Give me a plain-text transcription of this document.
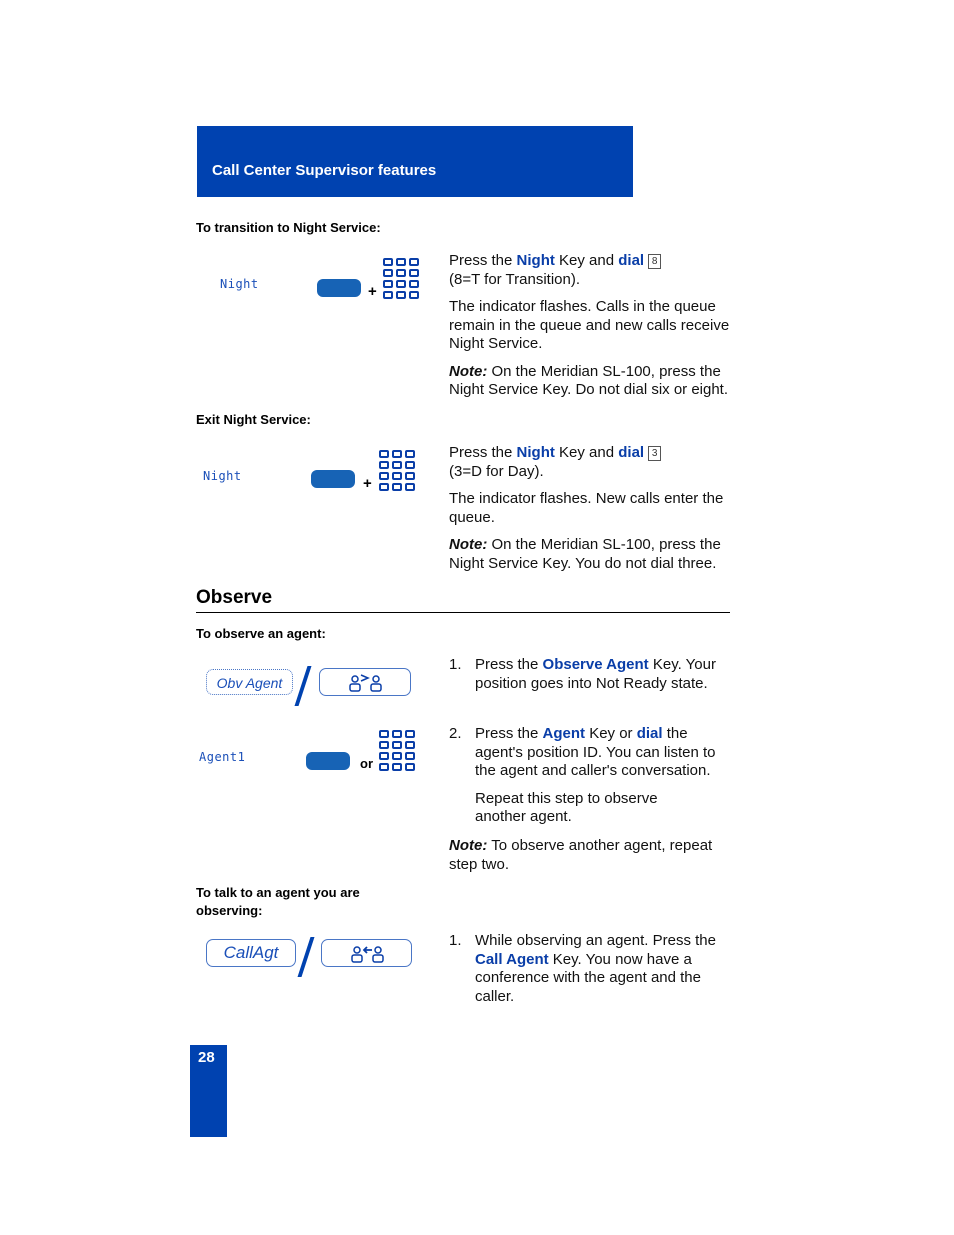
Call Center Supervisor features
To transition to Night Service:
Night	+
Press the Night Key and dial 8
(8=T for Transition).
The indicator flashes. Calls in the queue remain in the queue and new calls receive Night Service.
Note: On the Meridian SL-100, press the Night Service Key. Do not dial six or eight.
Exit Night Service:
Night	+
Press the Night Key and dial 3
(3=D for Day).
The indicator flashes. New calls enter the queue.
Note: On the Meridian SL-100, press the Night Service Key. You do not dial three.
Observe
To observe an agent:
Obv Agent
1. Press the Observe Agent Key. Your position goes into Not Ready state.
Agent1	or
2. Press the Agent Key or dial the agent's position ID. You can listen to the agent and caller's conversation.
Repeat this step to observe another agent.
Note: To observe another agent, repeat step two.
To talk to an agent you are observing:
CallAgt
1. While observing an agent. Press the Call Agent Key. You now have a conference with the agent and the caller.
28
